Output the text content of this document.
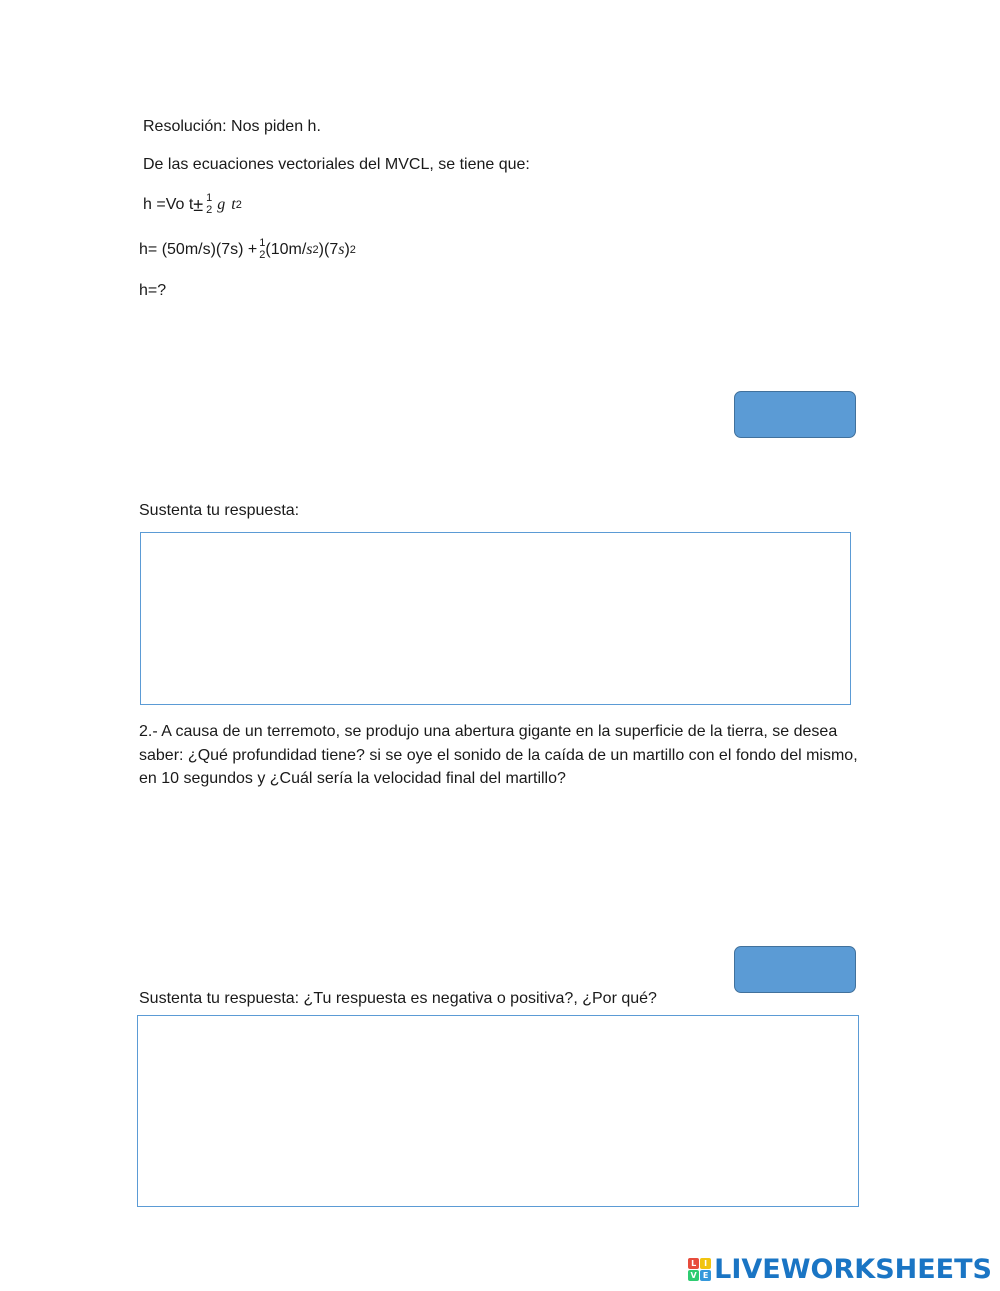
Resolución: Nos piden h.
De las ecuaciones vectoriales del MVCL, se tiene que:
h =Vo t ± 1
2 g t 2
h= (50m/s)(7s) + 1
2 (10m/ s 2 )(7 s ) 2
h=?
Sustenta tu respuesta:
2.- A causa de un terremoto, se produjo una abertura gigante en la superficie de la tierra, se desea saber: ¿Qué profundidad tiene? si se oye el sonido de la caída de un martillo con el fondo del mismo, en 10 segundos y ¿Cuál sería la velocidad final del martillo?
Sustenta tu respuesta: ¿Tu respuesta es negativa o positiva?, ¿Por qué?
L I
V E LIVEWORKSHEETS
